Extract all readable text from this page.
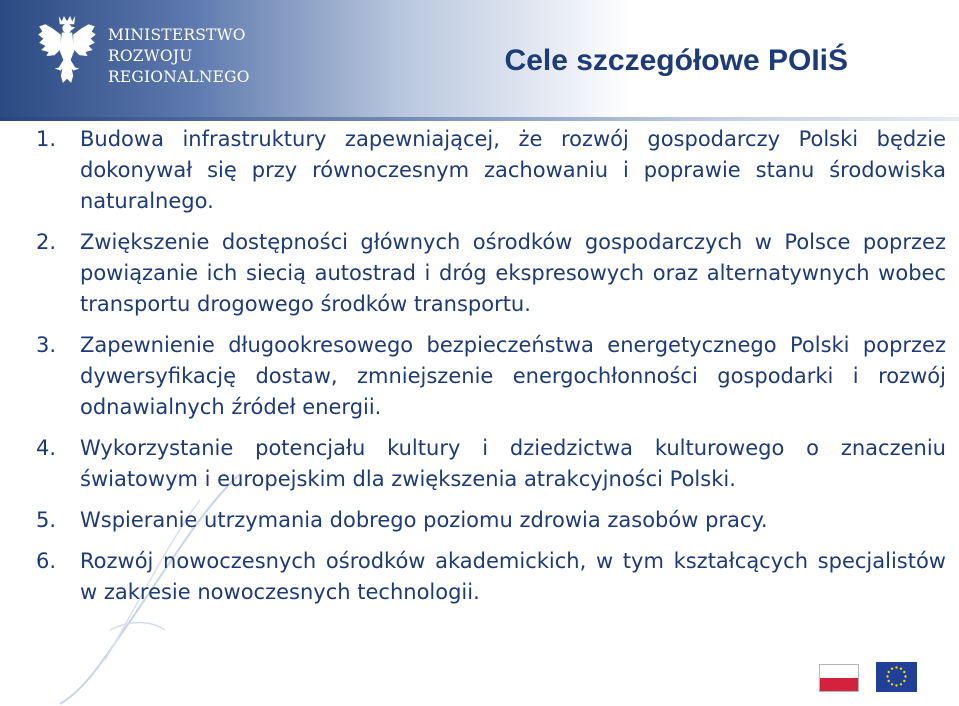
MINISTERSTWO
ROZWOJU
REGIONALNEGO	Cele szczegółowe POIiŚ
1. Budowa infrastruktury zapewniającej, że rozwój gospodarczy Polski będzie dokonywał się przy równoczesnym zachowaniu i poprawie stanu środowiska naturalnego.
2. Zwiększenie dostępności głównych ośrodków gospodarczych w Polsce poprzez powiązanie ich siecią autostrad i dróg ekspresowych oraz alternatywnych wobec transportu drogowego środków transportu.
3. Zapewnienie długookresowego bezpieczeństwa energetycznego Polski poprzez dywersyfikację dostaw, zmniejszenie energochłonności gospodarki i rozwój odnawialnych źródeł energii.
4. Wykorzystanie potencjału kultury i dziedzictwa kulturowego o znaczeniu światowym i europejskim dla zwiększenia atrakcyjności Polski.
5. Wspieranie utrzymania dobrego poziomu zdrowia zasobów pracy.
6. Rozwój nowoczesnych ośrodków akademickich, w tym kształcących specjalistów w zakresie nowoczesnych technologii.
